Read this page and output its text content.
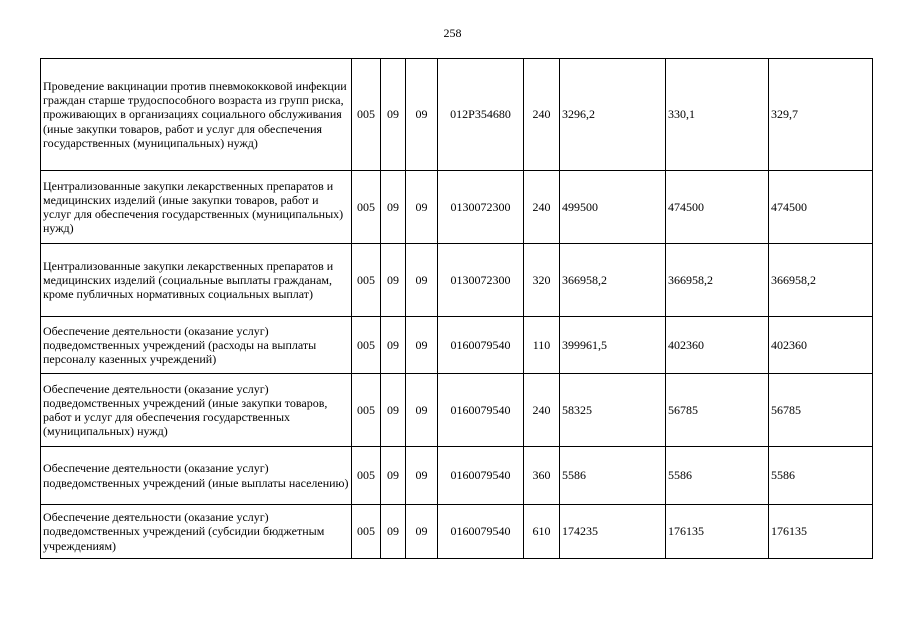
258
Проведение вакцинации против пневмококковой инфекции граждан старше трудоспособного возраста из групп риска, проживающих в организациях социального обслуживания (иные закупки товаров, работ и услуг для обеспечения государственных (муниципальных) нужд)	005	09	09	012P354680	240	3296,2	330,1	329,7
Централизованные закупки лекарственных препаратов и медицинских изделий (иные закупки товаров, работ и услуг для обеспечения государственных (муниципальных) нужд)	005	09	09	0130072300	240	499500	474500	474500
Централизованные закупки лекарственных препаратов и медицинских изделий (социальные выплаты гражданам, кроме публичных нормативных социальных выплат)	005	09	09	0130072300	320	366958,2	366958,2	366958,2
Обеспечение деятельности (оказание услуг) подведомственных учреждений (расходы на выплаты персоналу казенных учреждений)	005	09	09	0160079540	110	399961,5	402360	402360
Обеспечение деятельности (оказание услуг) подведомственных учреждений (иные закупки товаров, работ и услуг для обеспечения государственных (муниципальных) нужд)	005	09	09	0160079540	240	58325	56785	56785
Обеспечение деятельности (оказание услуг) подведомственных учреждений (иные выплаты населению)	005	09	09	0160079540	360	5586	5586	5586
Обеспечение деятельности (оказание услуг) подведомственных учреждений (субсидии бюджетным учреждениям)	005	09	09	0160079540	610	174235	176135	176135
